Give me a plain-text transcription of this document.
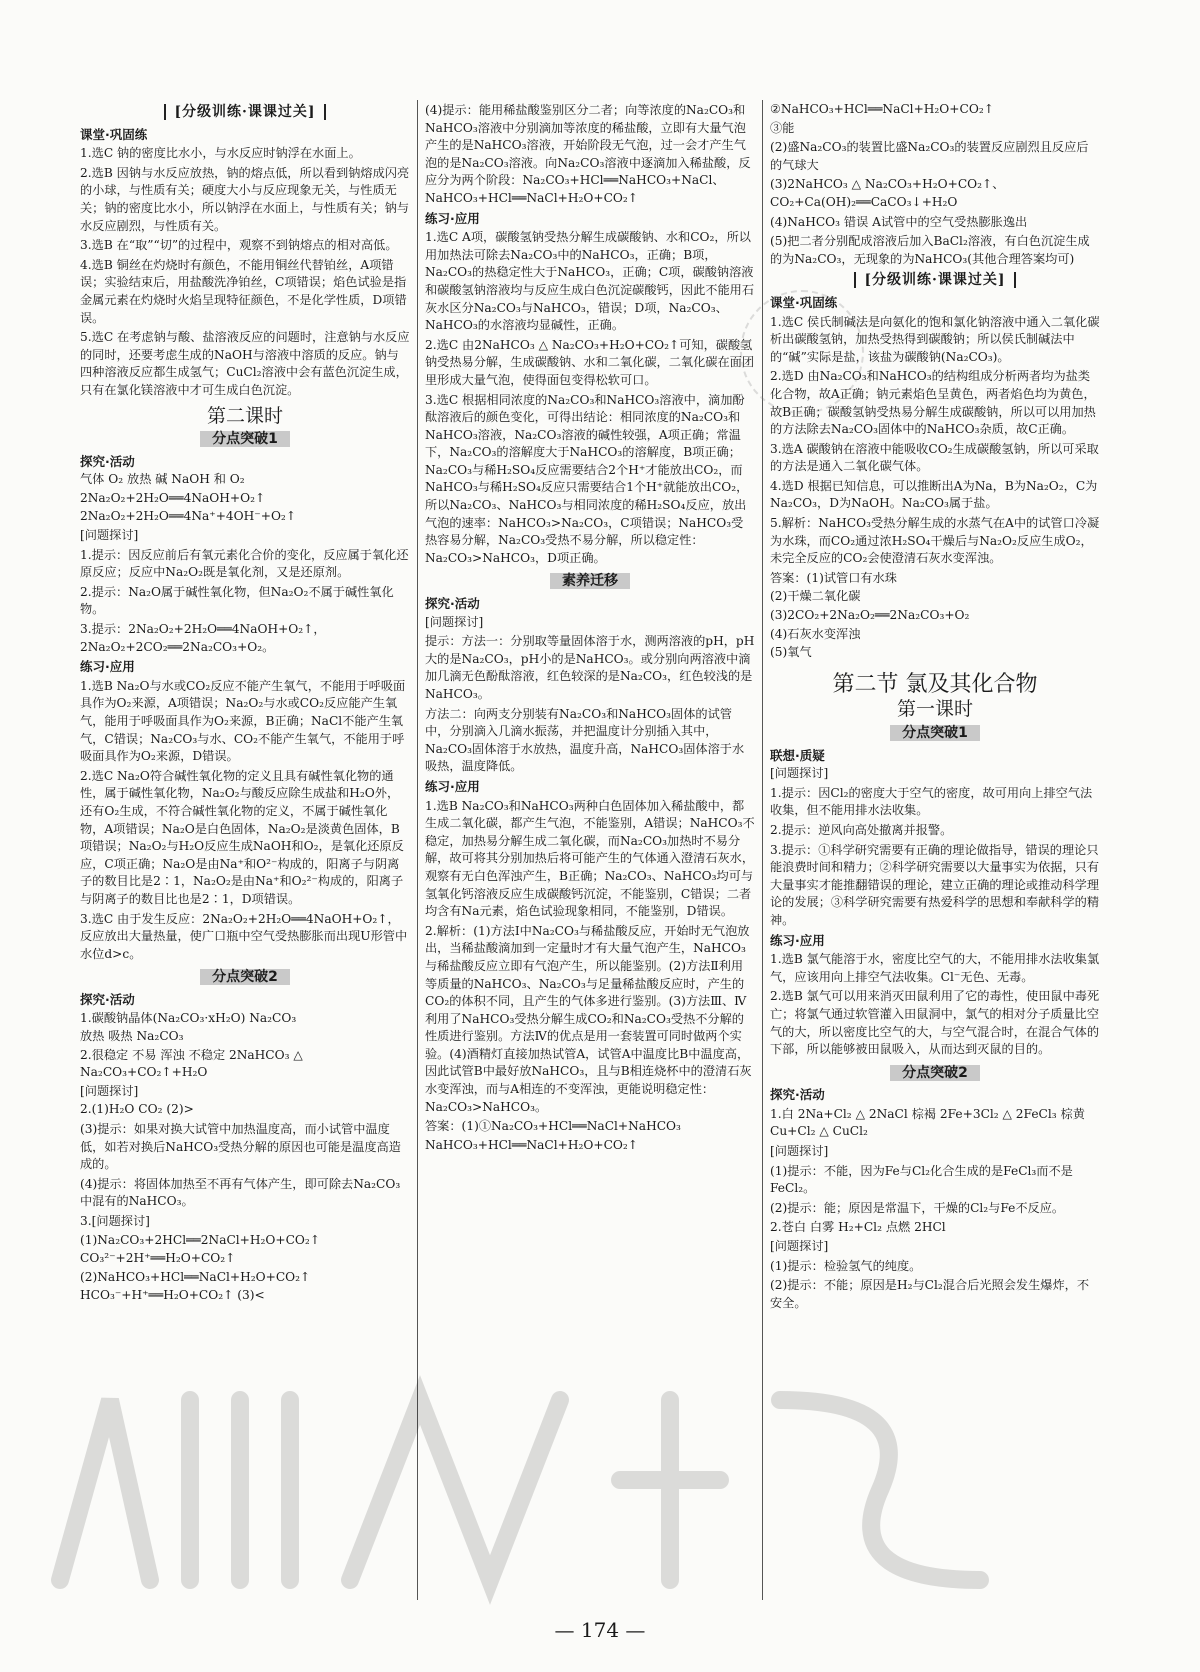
[分级训练·课课过关]
课堂·巩固练
1.选C 钠的密度比水小，与水反应时钠浮在水面上。
2.选B 因钠与水反应放热，钠的熔点低，所以看到钠熔成闪亮的小球，与性质有关；硬度大小与反应现象无关，与性质无关；钠的密度比水小，所以钠浮在水面上，与性质有关；钠与水反应剧烈，与性质有关。
3.选B 在“取”“切”的过程中，观察不到钠熔点的相对高低。
4.选B 铜丝在灼烧时有颜色，不能用铜丝代替铂丝，A项错误；实验结束后，用盐酸洗净铂丝，C项错误；焰色试验是指金属元素在灼烧时火焰呈现特征颜色，不是化学性质，D项错误。
5.选C 在考虑钠与酸、盐溶液反应的问题时，注意钠与水反应的同时，还要考虑生成的NaOH与溶液中溶质的反应。钠与四种溶液反应都生成氢气；CuCl₂溶液中会有蓝色沉淀生成，只有在氯化镁溶液中才可生成白色沉淀。
第二课时
分点突破1
探究·活动
气体 O₂ 放热 碱 NaOH 和 O₂
2Na₂O₂+2H₂O══4NaOH+O₂↑
2Na₂O₂+2H₂O══4Na⁺+4OH⁻+O₂↑
[问题探讨]
1.提示：因反应前后有氧元素化合价的变化，反应属于氧化还原反应；反应中Na₂O₂既是氧化剂，又是还原剂。
2.提示：Na₂O属于碱性氧化物，但Na₂O₂不属于碱性氧化物。
3.提示：2Na₂O₂+2H₂O══4NaOH+O₂↑，2Na₂O₂+2CO₂══2Na₂CO₃+O₂。
练习·应用
1.选B Na₂O与水或CO₂反应不能产生氧气，不能用于呼吸面具作为O₂来源，A项错误；Na₂O₂与水或CO₂反应能产生氧气，能用于呼吸面具作为O₂来源，B正确；NaCl不能产生氧气，C错误；Na₂CO₃与水、CO₂不能产生氧气，不能用于呼吸面具作为O₂来源，D错误。
2.选C Na₂O符合碱性氧化物的定义且具有碱性氧化物的通性，属于碱性氧化物，Na₂O₂与酸反应除生成盐和H₂O外，还有O₂生成，不符合碱性氧化物的定义，不属于碱性氧化物，A项错误；Na₂O是白色固体，Na₂O₂是淡黄色固体，B项错误；Na₂O₂与H₂O反应生成NaOH和O₂，是氧化还原反应，C项正确；Na₂O是由Na⁺和O²⁻构成的，阳离子与阴离子的数目比是2∶1，Na₂O₂是由Na⁺和O₂²⁻构成的，阳离子与阴离子的数目比也是2∶1，D项错误。
3.选C 由于发生反应：2Na₂O₂+2H₂O══4NaOH+O₂↑，反应放出大量热量，使广口瓶中空气受热膨胀而出现U形管中水位d>c。
分点突破2
探究·活动
1.碳酸钠晶体(Na₂CO₃·xH₂O) Na₂CO₃
放热 吸热 Na₂CO₃
2.很稳定 不易 浑浊 不稳定 2NaHCO₃ △ Na₂CO₃+CO₂↑+H₂O
[问题探讨]
2.(1)H₂O CO₂ (2)>
(3)提示：如果对换大试管中加热温度高，而小试管中温度低，如若对换后NaHCO₃受热分解的原因也可能是温度高造成的。
(4)提示：将固体加热至不再有气体产生，即可除去Na₂CO₃中混有的NaHCO₃。
3.[问题探讨]
(1)Na₂CO₃+2HCl══2NaCl+H₂O+CO₂↑
CO₃²⁻+2H⁺══H₂O+CO₂↑
(2)NaHCO₃+HCl══NaCl+H₂O+CO₂↑
HCO₃⁻+H⁺══H₂O+CO₂↑ (3)<
(4)提示：能用稀盐酸鉴别区分二者；向等浓度的Na₂CO₃和NaHCO₃溶液中分别滴加等浓度的稀盐酸，立即有大量气泡产生的是NaHCO₃溶液，开始阶段无气泡，过一会才产生气泡的是Na₂CO₃溶液。向Na₂CO₃溶液中逐滴加入稀盐酸，反应分为两个阶段：Na₂CO₃+HCl══NaHCO₃+NaCl、NaHCO₃+HCl══NaCl+H₂O+CO₂↑
练习·应用
1.选C A项，碳酸氢钠受热分解生成碳酸钠、水和CO₂，所以用加热法可除去Na₂CO₃中的NaHCO₃，正确；B项，Na₂CO₃的热稳定性大于NaHCO₃，正确；C项，碳酸钠溶液和碳酸氢钠溶液均与反应生成白色沉淀碳酸钙，因此不能用石灰水区分Na₂CO₃与NaHCO₃，错误；D项，Na₂CO₃、NaHCO₃的水溶液均显碱性，正确。
2.选C 由2NaHCO₃ △ Na₂CO₃+H₂O+CO₂↑可知，碳酸氢钠受热易分解，生成碳酸钠、水和二氧化碳，二氧化碳在面团里形成大量气泡，使得面包变得松软可口。
3.选C 根据相同浓度的Na₂CO₃和NaHCO₃溶液中，滴加酚酞溶液后的颜色变化，可得出结论：相同浓度的Na₂CO₃和NaHCO₃溶液，Na₂CO₃溶液的碱性较强，A项正确；常温下，Na₂CO₃的溶解度大于NaHCO₃的溶解度，B项正确；Na₂CO₃与稀H₂SO₄反应需要结合2个H⁺才能放出CO₂，而NaHCO₃与稀H₂SO₄反应只需要结合1个H⁺就能放出CO₂，所以Na₂CO₃、NaHCO₃与相同浓度的稀H₂SO₄反应，放出气泡的速率：NaHCO₃>Na₂CO₃，C项错误；NaHCO₃受热容易分解，Na₂CO₃受热不易分解，所以稳定性：Na₂CO₃>NaHCO₃，D项正确。
素养迁移
探究·活动
[问题探讨]
提示：方法一：分别取等量固体溶于水，测两溶液的pH，pH大的是Na₂CO₃，pH小的是NaHCO₃。或分别向两溶液中滴加几滴无色酚酞溶液，红色较深的是Na₂CO₃，红色较浅的是NaHCO₃。
方法二：向两支分别装有Na₂CO₃和NaHCO₃固体的试管中，分别滴入几滴水振荡，并把温度计分别插入其中，Na₂CO₃固体溶于水放热，温度升高，NaHCO₃固体溶于水吸热，温度降低。
练习·应用
1.选B Na₂CO₃和NaHCO₃两种白色固体加入稀盐酸中，都生成二氧化碳，都产生气泡，不能鉴别，A错误；NaHCO₃不稳定，加热易分解生成二氧化碳，而Na₂CO₃加热时不易分解，故可将其分别加热后将可能产生的气体通入澄清石灰水，观察有无白色浑浊产生，B正确；Na₂CO₃、NaHCO₃均可与氢氧化钙溶液反应生成碳酸钙沉淀，不能鉴别，C错误；二者均含有Na元素，焰色试验现象相同，不能鉴别，D错误。
2.解析：(1)方法Ⅰ中Na₂CO₃与稀盐酸反应，开始时无气泡放出，当稀盐酸滴加到一定量时才有大量气泡产生，NaHCO₃与稀盐酸反应立即有气泡产生，所以能鉴别。(2)方法Ⅱ利用等质量的NaHCO₃、Na₂CO₃与足量稀盐酸反应时，产生的CO₂的体积不同，且产生的气体多进行鉴别。(3)方法Ⅲ、Ⅳ利用了NaHCO₃受热分解生成CO₂和Na₂CO₃受热不分解的性质进行鉴别。方法Ⅳ的优点是用一套装置可同时做两个实验。(4)酒精灯直接加热试管A，试管A中温度比B中温度高，因此试管B中最好放NaHCO₃，且与B相连烧杯中的澄清石灰水变浑浊，而与A相连的不变浑浊，更能说明稳定性：Na₂CO₃>NaHCO₃。
答案：(1)①Na₂CO₃+HCl══NaCl+NaHCO₃
NaHCO₃+HCl══NaCl+H₂O+CO₂↑
②NaHCO₃+HCl══NaCl+H₂O+CO₂↑
③能
(2)盛Na₂CO₃的装置比盛Na₂CO₃的装置反应剧烈且反应后的气球大
(3)2NaHCO₃ △ Na₂CO₃+H₂O+CO₂↑、CO₂+Ca(OH)₂══CaCO₃↓+H₂O
(4)NaHCO₃ 错误 A试管中的空气受热膨胀逸出
(5)把二者分别配成溶液后加入BaCl₂溶液，有白色沉淀生成的为Na₂CO₃，无现象的为NaHCO₃(其他合理答案均可)
[分级训练·课课过关]
课堂·巩固练
1.选C 侯氏制碱法是向氨化的饱和氯化钠溶液中通入二氧化碳析出碳酸氢钠，加热受热得到碳酸钠；所以侯氏制碱法中的“碱”实际是盐，该盐为碳酸钠(Na₂CO₃)。
2.选D 由Na₂CO₃和NaHCO₃的结构组成分析两者均为盐类化合物，故A正确；钠元素焰色呈黄色，两者焰色均为黄色，故B正确；碳酸氢钠受热易分解生成碳酸钠，所以可以用加热的方法除去Na₂CO₃固体中的NaHCO₃杂质，故C正确。
3.选A 碳酸钠在溶液中能吸收CO₂生成碳酸氢钠，所以可采取的方法是通入二氧化碳气体。
4.选D 根据已知信息，可以推断出A为Na，B为Na₂O₂，C为Na₂CO₃，D为NaOH。Na₂CO₃属于盐。
5.解析：NaHCO₃受热分解生成的水蒸气在A中的试管口冷凝为水珠，而CO₂通过浓H₂SO₄干燥后与Na₂O₂反应生成O₂，未完全反应的CO₂会使澄清石灰水变浑浊。
答案：(1)试管口有水珠
(2)干燥二氧化碳
(3)2CO₂+2Na₂O₂══2Na₂CO₃+O₂
(4)石灰水变浑浊
(5)氧气
第二节 氯及其化合物
第一课时
分点突破1
联想·质疑
[问题探讨]
1.提示：因Cl₂的密度大于空气的密度，故可用向上排空气法收集，但不能用排水法收集。
2.提示：逆风向高处撤离并报警。
3.提示：①科学研究需要有正确的理论做指导，错误的理论只能浪费时间和精力；②科学研究需要以大量事实为依据，只有大量事实才能推翻错误的理论，建立正确的理论或推动科学理论的发展；③科学研究需要有热爱科学的思想和奉献科学的精神。
练习·应用
1.选B 氯气能溶于水，密度比空气的大，不能用排水法收集氯气，应该用向上排空气法收集。Cl⁻无色、无毒。
2.选B 氯气可以用来消灭田鼠利用了它的毒性，使田鼠中毒死亡；将氯气通过软管灌入田鼠洞中，氯气的相对分子质量比空气的大，所以密度比空气的大，与空气混合时，在混合气体的下部，所以能够被田鼠吸入，从而达到灭鼠的目的。
分点突破2
探究·活动
1.白 2Na+Cl₂ △ 2NaCl 棕褐 2Fe+3Cl₂ △ 2FeCl₃ 棕黄 Cu+Cl₂ △ CuCl₂
[问题探讨]
(1)提示：不能，因为Fe与Cl₂化合生成的是FeCl₃而不是FeCl₂。
(2)提示：能；原因是常温下，干燥的Cl₂与Fe不反应。
2.苍白 白雾 H₂+Cl₂ 点燃 2HCl
[问题探讨]
(1)提示：检验氢气的纯度。
(2)提示：不能；原因是H₂与Cl₂混合后光照会发生爆炸，不安全。
— 174 —
